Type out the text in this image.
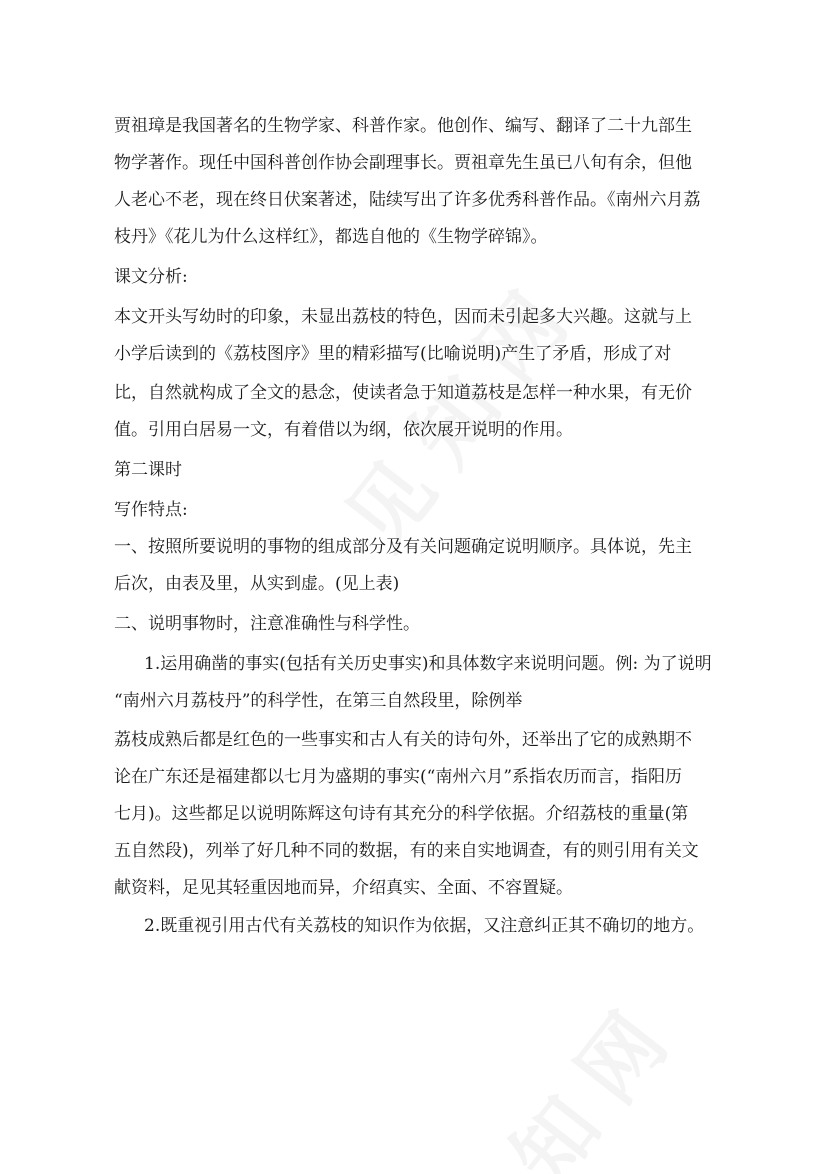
贾祖璋是我国著名的生物学家、科普作家。他创作、编写、翻译了二十九部生
物学著作。现任中国科普创作协会副理事长。贾祖章先生虽已八旬有余，但他
人老心不老，现在终日伏案著述，陆续写出了许多优秀科普作品。《南州六月荔
枝丹》《花儿为什么这样红》，都选自他的《生物学碎锦》。
课文分析:
本文开头写幼时的印象，未显出荔枝的特色，因而未引起多大兴趣。这就与上
小学后读到的《荔枝图序》里的精彩描写(比喻说明)产生了矛盾，形成了对
比，自然就构成了全文的悬念，使读者急于知道荔枝是怎样一种水果，有无价
值。引用白居易一文，有着借以为纲，依次展开说明的作用。
第二课时
写作特点:
一、按照所要说明的事物的组成部分及有关问题确定说明顺序。具体说，先主
后次，由表及里，从实到虚。(见上表)
二、说明事物时，注意准确性与科学性。
1.运用确凿的事实(包括有关历史事实)和具体数字来说明问题。例: 为了说明
“南州六月荔枝丹”的科学性，在第三自然段里，除例举
荔枝成熟后都是红色的一些事实和古人有关的诗句外，还举出了它的成熟期不
论在广东还是福建都以七月为盛期的事实(“南州六月”系指农历而言，指阳历
七月)。这些都足以说明陈辉这句诗有其充分的科学依据。介绍荔枝的重量(第
五自然段)，列举了好几种不同的数据，有的来自实地调查，有的则引用有关文
献资料，足见其轻重因地而异，介绍真实、全面、不容置疑。
2.既重视引用古代有关荔枝的知识作为依据，又注意纠正其不确切的地方。
